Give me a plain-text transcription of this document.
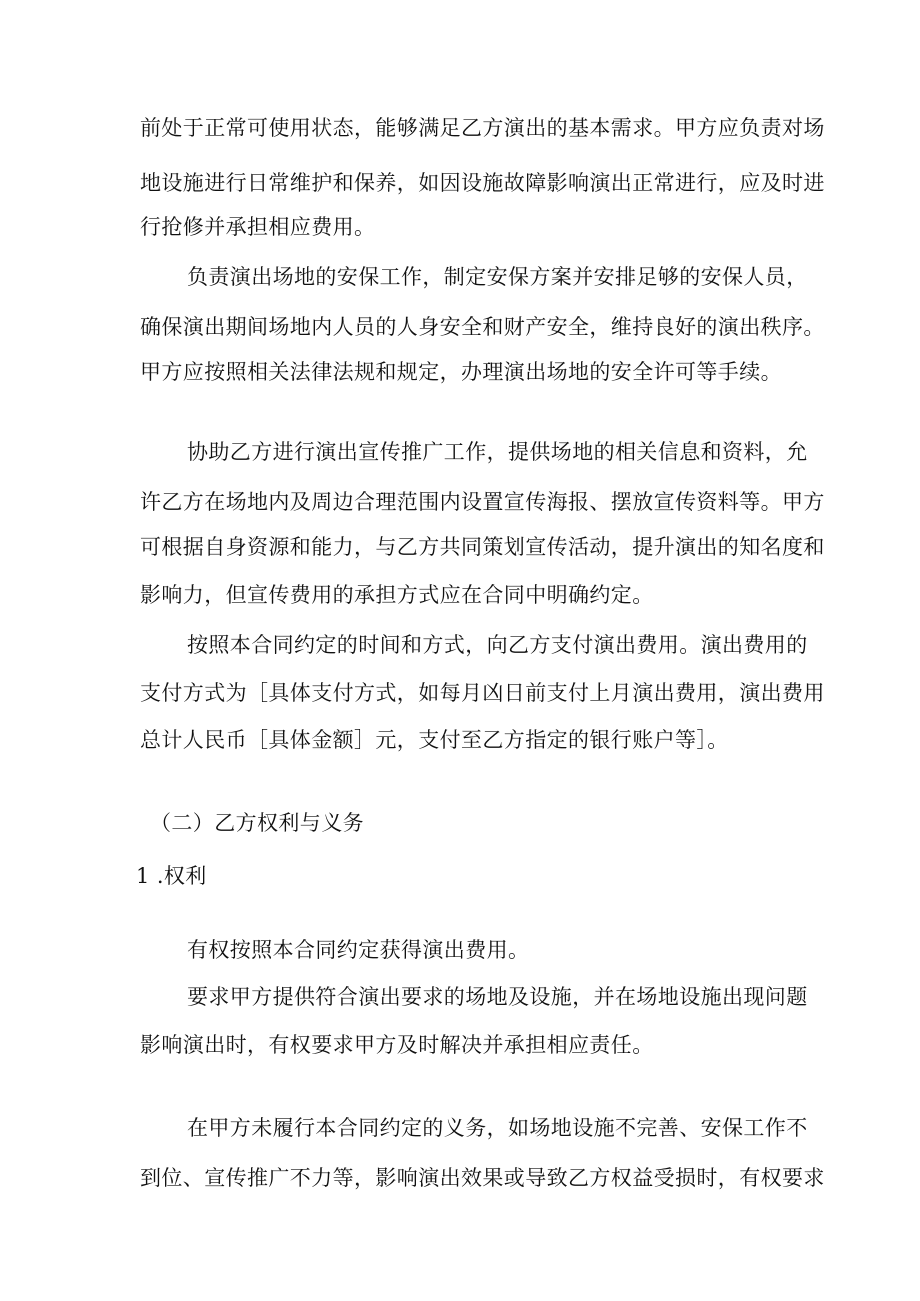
前处于正常可使用状态，能够满足乙方演出的基本需求。甲方应负责对场
地设施进行日常维护和保养，如因设施故障影响演出正常进行，应及时进
行抢修并承担相应费用。
负责演出场地的安保工作，制定安保方案并安排足够的安保人员，
确保演出期间场地内人员的人身安全和财产安全，维持良好的演出秩序。
甲方应按照相关法律法规和规定，办理演出场地的安全许可等手续。
协助乙方进行演出宣传推广工作，提供场地的相关信息和资料，允
许乙方在场地内及周边合理范围内设置宣传海报、摆放宣传资料等。甲方
可根据自身资源和能力，与乙方共同策划宣传活动，提升演出的知名度和
影响力，但宣传费用的承担方式应在合同中明确约定。
按照本合同约定的时间和方式，向乙方支付演出费用。演出费用的
支付方式为［具体支付方式，如每月凶日前支付上月演出费用，演出费用
总计人民币［具体金额］元，支付至乙方指定的银行账户等］。
（二）乙方权利与义务
1 .权利
有权按照本合同约定获得演出费用。
要求甲方提供符合演出要求的场地及设施，并在场地设施出现问题
影响演出时，有权要求甲方及时解决并承担相应责任。
在甲方未履行本合同约定的义务，如场地设施不完善、安保工作不
到位、宣传推广不力等，影响演出效果或导致乙方权益受损时，有权要求
